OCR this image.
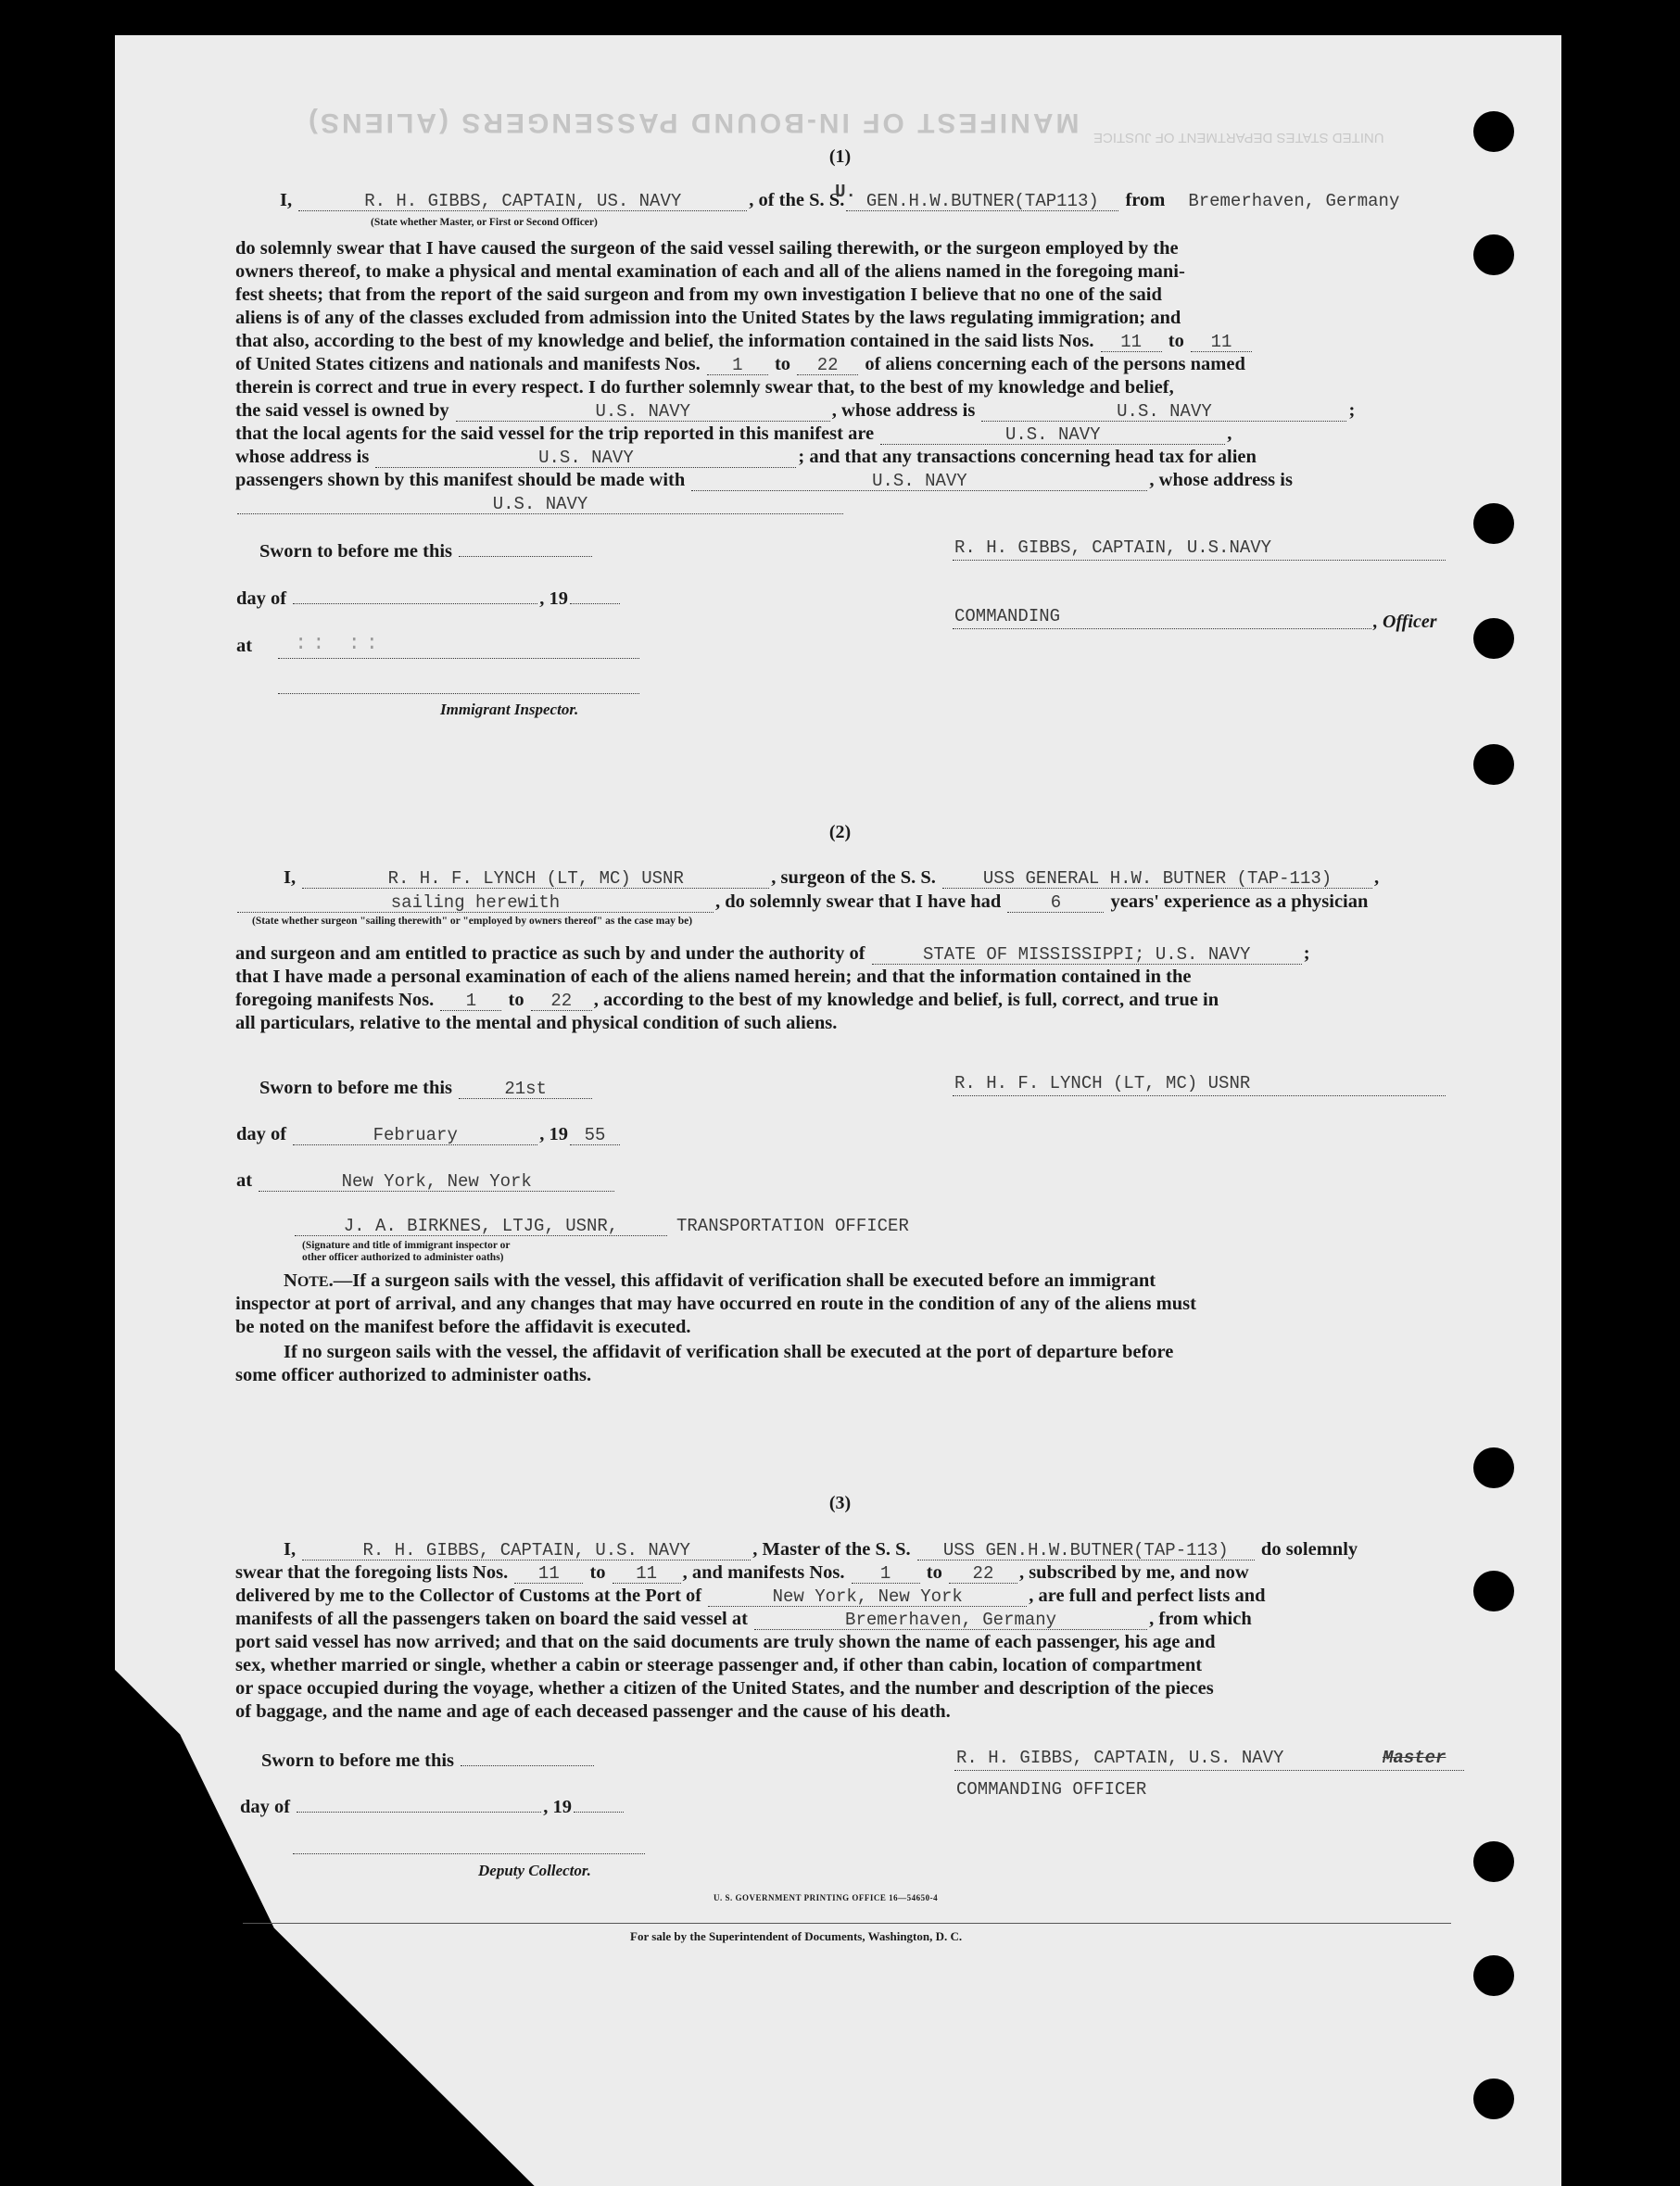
MANIFEST OF IN-BOUND PASSENGERS (ALIENS) UNITED STATES DEPARTMENT OF JUSTICE
(1)
I,	R. H. GIBBS, CAPTAIN, US. NAVY	, of the U.
S. S. GEN.H.W.BUTNER(TAP113) from Bremerhaven, Germany
(State whether Master, or First or Second Officer)
do solemnly swear that I have caused the surgeon of the said vessel sailing therewith, or the surgeon employed by the
owners thereof, to make a physical and mental examination of each and all of the aliens named in the foregoing mani-
fest sheets; that from the report of the said surgeon and from my own investigation I believe that no one of the said
aliens is of any of the classes excluded from admission into the United States by the laws regulating immigration; and
that also, according to the best of my knowledge and belief, the information contained in the said lists Nos. 11 to 11
of United States citizens and nationals and manifests Nos. 1 to 22 of aliens concerning each of the persons named
therein is correct and true in every respect. I do further solemnly swear that, to the best of my knowledge and belief,
the said vessel is owned by	U.S. NAVY	, whose address is	U.S. NAVY	;
that the local agents for the said vessel for the trip reported in this manifest are	U.S. NAVY	,
whose address is	U.S. NAVY	; and that any transactions concerning head tax for alien
passengers shown by this manifest should be made with	U.S. NAVY	, whose address is
U.S. NAVY
Sworn to before me this
day of	, 19
at :: ::
Immigrant Inspector.
R. H. GIBBS, CAPTAIN, U.S.NAVY
COMMANDING	, Officer
(2)
I,	R. H. F. LYNCH (LT, MC) USNR	, surgeon of the S. S. USS GENERAL H.W. BUTNER (TAP-113) ,
sailing herewith	, do solemnly swear that I have had	6 years' experience as a physician
(State whether surgeon "sailing therewith" or "employed by owners thereof" as the case may be)
and surgeon and am entitled to practice as such by and under the authority of	STATE OF MISSISSIPPI; U.S. NAVY	;
that I have made a personal examination of each of the aliens named herein; and that the information contained in the
foregoing manifests Nos. 1 to 22 , according to the best of my knowledge and belief, is full, correct, and true in
all particulars, relative to the mental and physical condition of such aliens.
Sworn to before me this	21st
day of	February	, 19 55
at	New York, New York
J. A. BIRKNES, LTJG, USNR,	TRANSPORTATION OFFICER
(Signature and title of immigrant inspector or
other officer authorized to administer oaths)
R. H. F. LYNCH (LT, MC) USNR
NOTE.—If a surgeon sails with the vessel, this affidavit of verification shall be executed before an immigrant
inspector at port of arrival, and any changes that may have occurred en route in the condition of any of the aliens must
be noted on the manifest before the affidavit is executed.
If no surgeon sails with the vessel, the affidavit of verification shall be executed at the port of departure before
some officer authorized to administer oaths.
(3)
I,	R. H. GIBBS, CAPTAIN, U.S. NAVY	, Master of the S. S. USS GEN.H.W.BUTNER(TAP-113) do solemnly
swear that the foregoing lists Nos. 11 to 11 , and manifests Nos. 1 to 22 , subscribed by me, and now
delivered by me to the Collector of Customs at the Port of	New York, New York	, are full and perfect lists and
manifests of all the passengers taken on board the said vessel at	Bremerhaven, Germany	, from which
port said vessel has now arrived; and that on the said documents are truly shown the name of each passenger, his age and
sex, whether married or single, whether a cabin or steerage passenger and, if other than cabin, location of compartment
or space occupied during the voyage, whether a citizen of the United States, and the number and description of the pieces
of baggage, and the name and age of each deceased passenger and the cause of his death.
Sworn to before me this
day of	, 19
Deputy Collector.
R. H. GIBBS, CAPTAIN, U.S. NAVY	Master
COMMANDING OFFICER
U. S. GOVERNMENT PRINTING OFFICE 16—54650-4
For sale by the Superintendent of Documents, Washington, D. C.
